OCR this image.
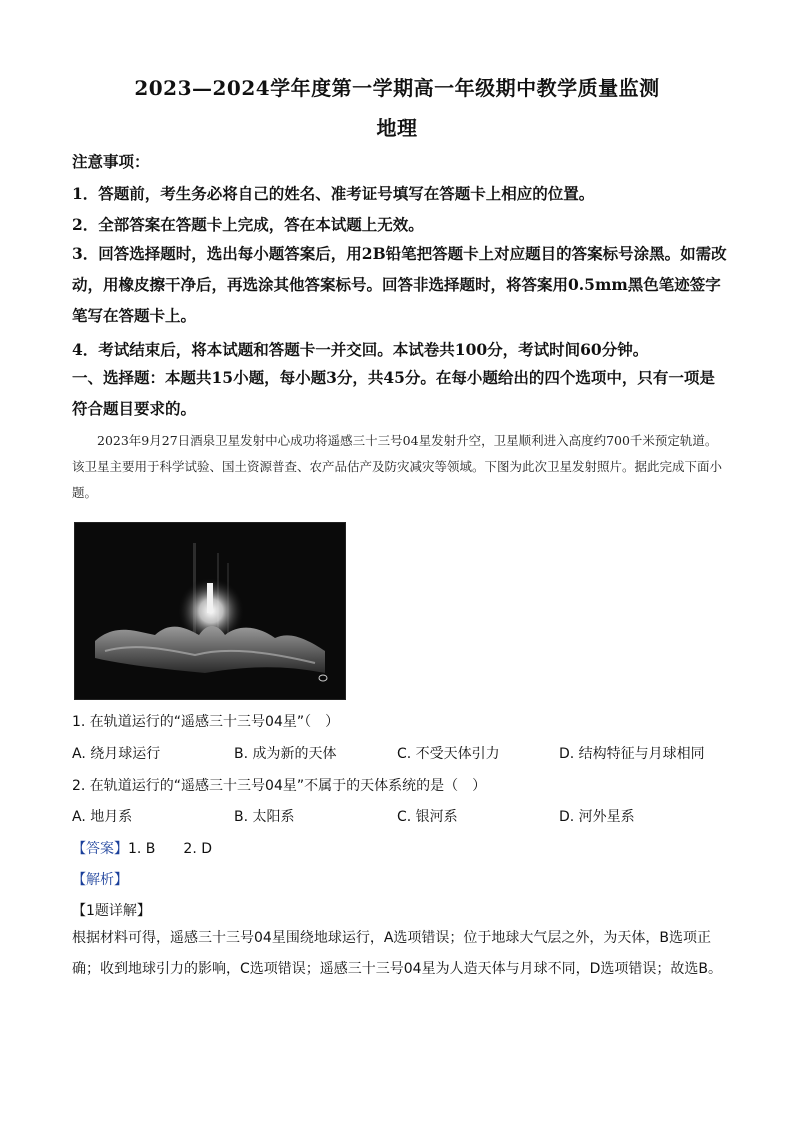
2023—2024学年度第一学期高一年级期中教学质量监测
地理
注意事项：
1．答题前，考生务必将自己的姓名、准考证号填写在答题卡上相应的位置。
2．全部答案在答题卡上完成，答在本试题上无效。
3．回答选择题时，选出每小题答案后，用2B铅笔把答题卡上对应题目的答案标号涂黑。如需改动，用橡皮擦干净后，再选涂其他答案标号。回答非选择题时，将答案用0.5mm黑色笔迹签字笔写在答题卡上。
4．考试结束后，将本试题和答题卡一并交回。本试卷共100分，考试时间60分钟。
一、选择题：本题共15小题，每小题3分，共45分。在每小题给出的四个选项中，只有一项是符合题目要求的。
2023年9月27日酒泉卫星发射中心成功将遥感三十三号04星发射升空，卫星顺利进入高度约700千米预定轨道。该卫星主要用于科学试验、国土资源普查、农产品估产及防灾减灾等领域。下图为此次卫星发射照片。据此完成下面小题。
1. 在轨道运行的“遥感三十三号04星”（　）
A. 绕月球运行	B. 成为新的天体	C. 不受天体引力	D. 结构特征与月球相同
2. 在轨道运行的“遥感三十三号04星”不属于的天体系统的是（　）
A. 地月系	B. 太阳系	C. 银河系	D. 河外星系
【答案】1. B　　2. D
【解析】
【1题详解】
根据材料可得，遥感三十三号04星围绕地球运行，A选项错误；位于地球大气层之外，为天体，B选项正确；收到地球引力的影响，C选项错误；遥感三十三号04星为人造天体与月球不同，D选项错误；故选B。
